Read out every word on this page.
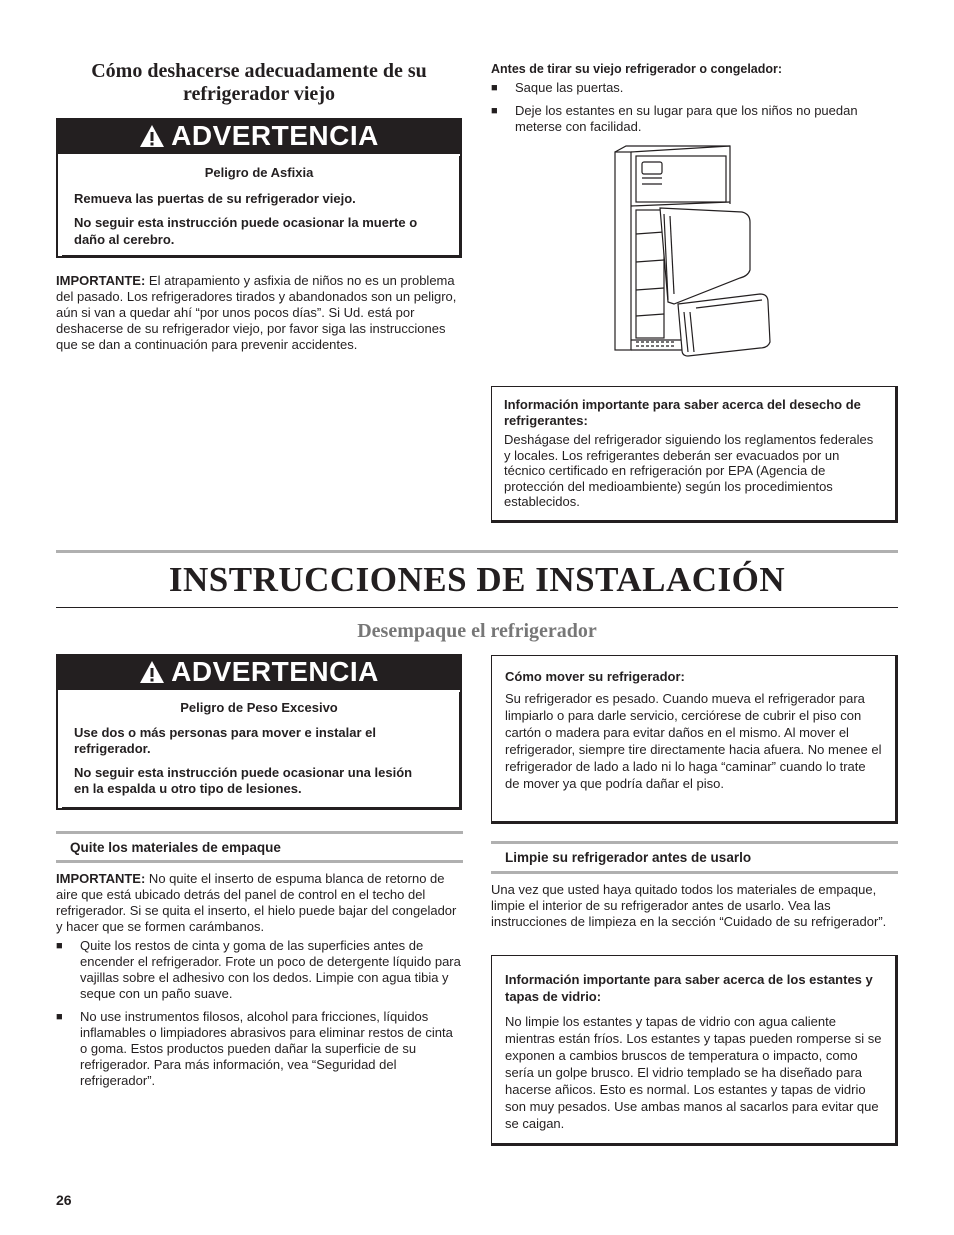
Cómo deshacerse adecuadamente de su refrigerador viejo
ADVERTENCIA

Peligro de Asfixia

Remueva las puertas de su refrigerador viejo.

No seguir esta instrucción puede ocasionar la muerte o daño al cerebro.

IMPORTANTE: El atrapamiento y asfixia de niños no es un problema del pasado. Los refrigeradores tirados y abandonados son un peligro, aún si van a quedar ahí “por unos pocos días”. Si Ud. está por deshacerse de su refrigerador viejo, por favor siga las instrucciones que se dan a continuación para prevenir accidentes.

Antes de tirar su viejo refrigerador o congelador:

■ Saque las puertas.
■ Deje los estantes en su lugar para que los niños no puedan meterse con facilidad.

Información importante para saber acerca del desecho de refrigerantes:

Deshágase del refrigerador siguiendo los reglamentos federales y locales. Los refrigerantes deberán ser evacuados por un técnico certificado en refrigeración por EPA (Agencia de protección del medioambiente) según los procedimientos establecidos.

INSTRUCCIONES DE INSTALACIÓN
Desempaque el refrigerador
ADVERTENCIA

Peligro de Peso Excesivo

Use dos o más personas para mover e instalar el refrigerador.

No seguir esta instrucción puede ocasionar una lesión en la espalda u otro tipo de lesiones.

Quite los materiales de empaque

IMPORTANTE: No quite el inserto de espuma blanca de retorno de aire que está ubicado detrás del panel de control en el techo del refrigerador. Si se quita el inserto, el hielo puede bajar del congelador y hacer que se formen carámbanos.

■ Quite los restos de cinta y goma de las superficies antes de encender el refrigerador. Frote un poco de detergente líquido para vajillas sobre el adhesivo con los dedos. Limpie con agua tibia y seque con un paño suave.
■ No use instrumentos filosos, alcohol para fricciones, líquidos inflamables o limpiadores abrasivos para eliminar restos de cinta o goma. Estos productos pueden dañar la superficie de su refrigerador. Para más información, vea “Seguridad del refrigerador”.

Cómo mover su refrigerador:

Su refrigerador es pesado. Cuando mueva el refrigerador para limpiarlo o para darle servicio, cerciórese de cubrir el piso con cartón o madera para evitar daños en el mismo. Al mover el refrigerador, siempre tire directamente hacia afuera. No menee el refrigerador de lado a lado ni lo haga “caminar” cuando lo trate de mover ya que podría dañar el piso.

Limpie su refrigerador antes de usarlo

Una vez que usted haya quitado todos los materiales de empaque, limpie el interior de su refrigerador antes de usarlo. Vea las instrucciones de limpieza en la sección “Cuidado de su refrigerador”.

Información importante para saber acerca de los estantes y tapas de vidrio:

No limpie los estantes y tapas de vidrio con agua caliente mientras están fríos. Los estantes y tapas pueden romperse si se exponen a cambios bruscos de temperatura o impacto, como sería un golpe brusco. El vidrio templado se ha diseñado para hacerse añicos. Esto es normal. Los estantes y tapas de vidrio son muy pesados. Use ambas manos al sacarlos para evitar que se caigan.

26
